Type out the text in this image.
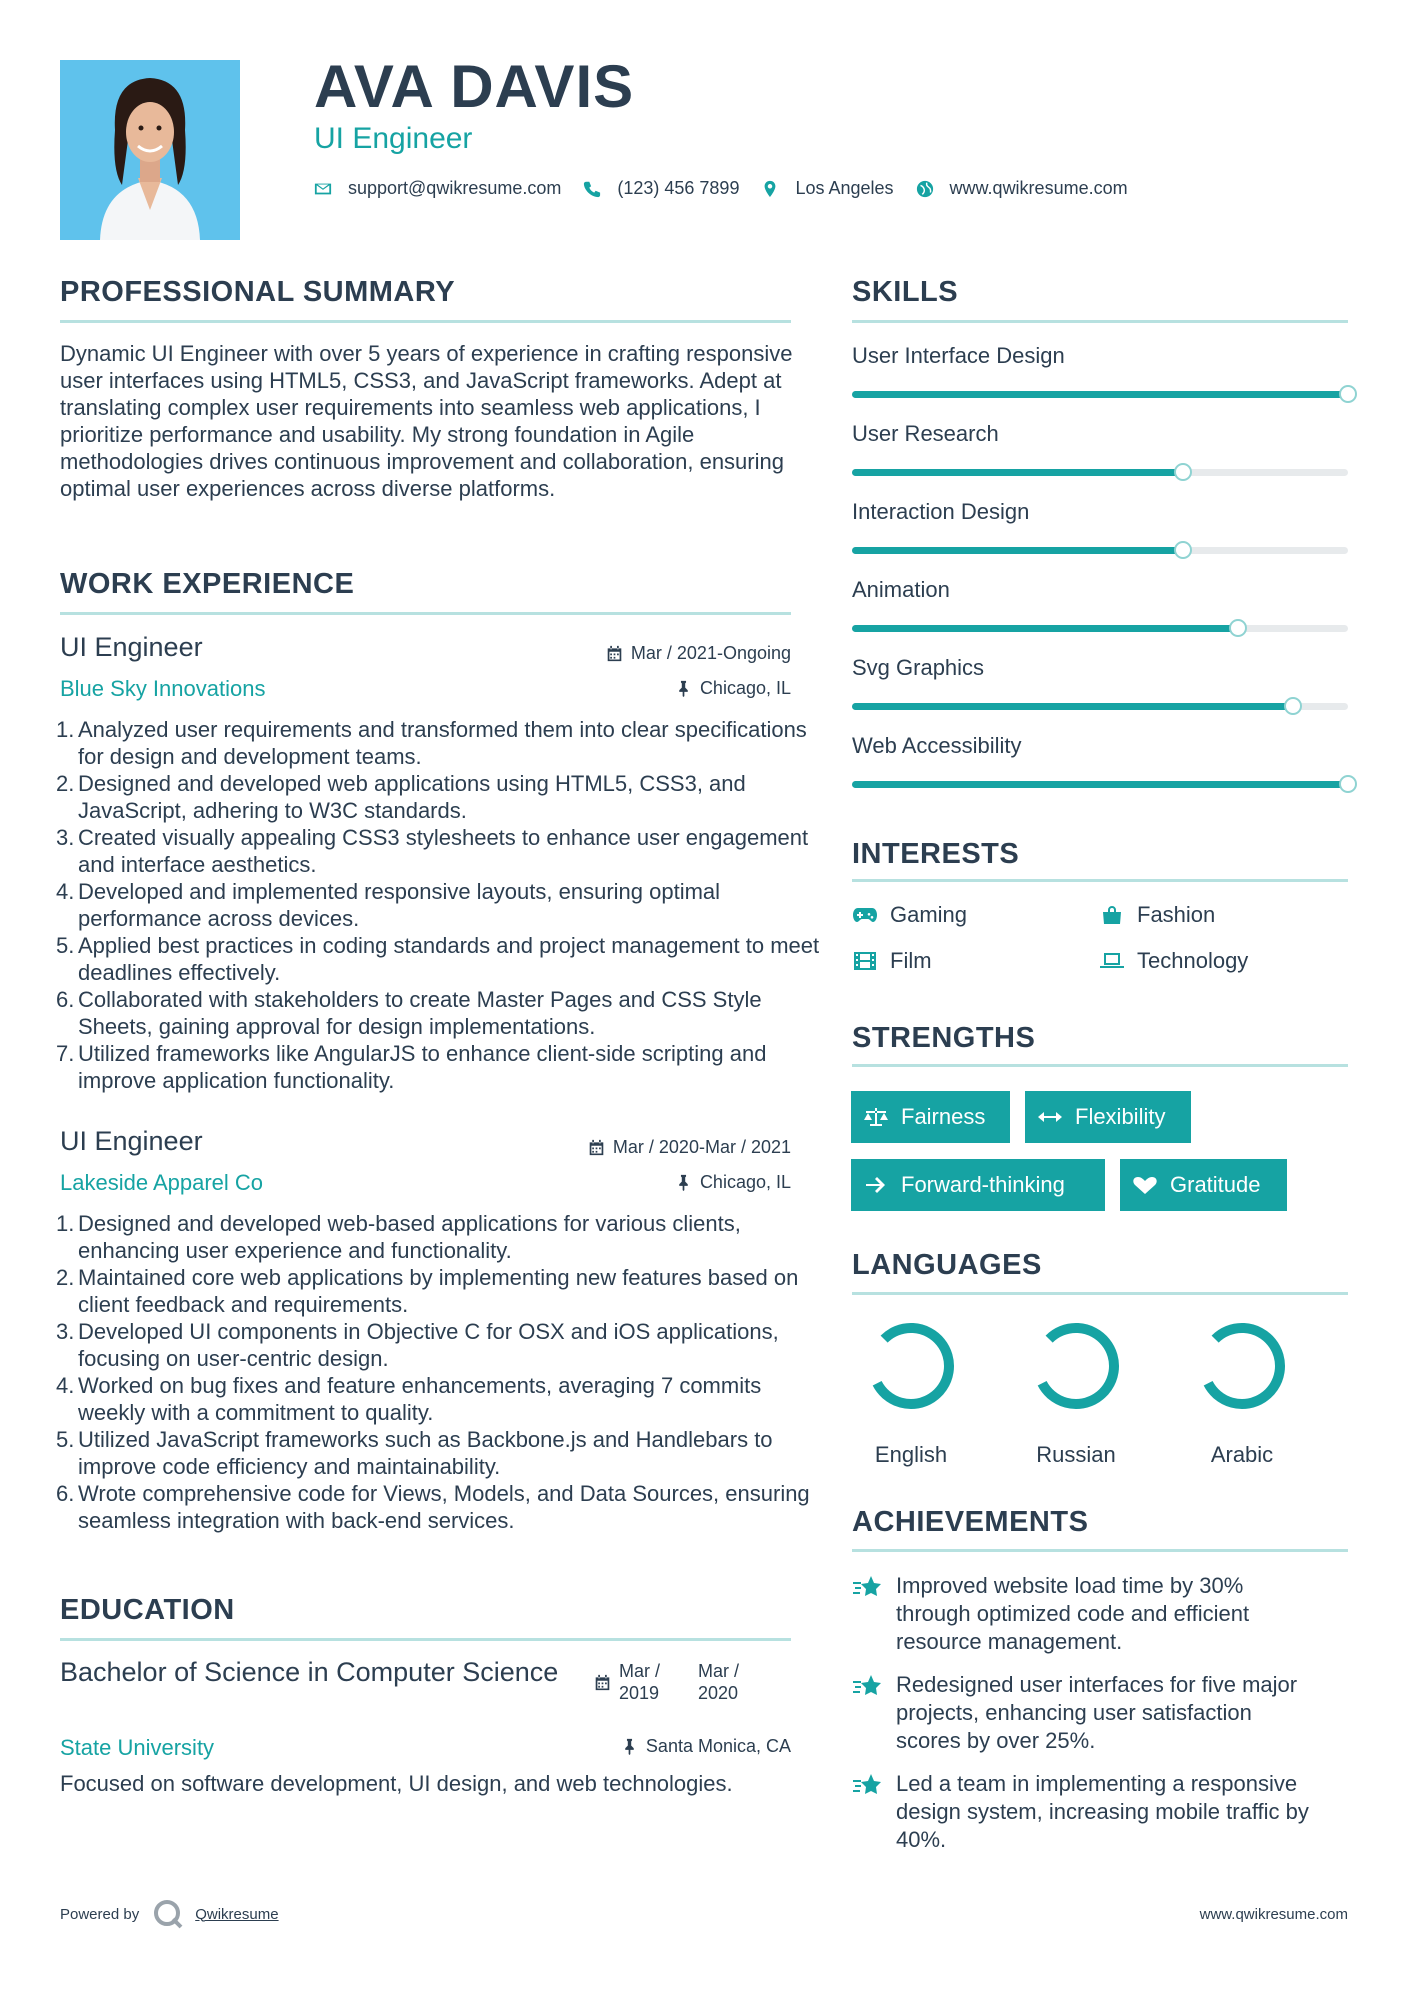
AVA DAVIS
UI Engineer
support@qwikresume.com	(123) 456 7899	Los Angeles	www.qwikresume.com
PROFESSIONAL SUMMARY

Dynamic UI Engineer with over 5 years of experience in crafting responsive user interfaces using HTML5, CSS3, and JavaScript frameworks. Adept at translating complex user requirements into seamless web applications, I prioritize performance and usability. My strong foundation in Agile methodologies drives continuous improvement and collaboration, ensuring optimal user experiences across diverse platforms.

WORK EXPERIENCE
UI Engineer	Mar / 2021-Ongoing
Blue Sky Innovations	Chicago, IL
Analyzed user requirements and transformed them into clear specifications for design and development teams.
Designed and developed web applications using HTML5, CSS3, and JavaScript, adhering to W3C standards.
Created visually appealing CSS3 stylesheets to enhance user engagement and interface aesthetics.
Developed and implemented responsive layouts, ensuring optimal performance across devices.
Applied best practices in coding standards and project management to meet deadlines effectively.
Collaborated with stakeholders to create Master Pages and CSS Style Sheets, gaining approval for design implementations.
Utilized frameworks like AngularJS to enhance client-side scripting and improve application functionality.
UI Engineer	Mar / 2020-Mar / 2021
Lakeside Apparel Co	Chicago, IL
Designed and developed web-based applications for various clients, enhancing user experience and functionality.
Maintained core web applications by implementing new features based on client feedback and requirements.
Developed UI components in Objective C for OSX and iOS applications, focusing on user-centric design.
Worked on bug fixes and feature enhancements, averaging 7 commits weekly with a commitment to quality.
Utilized JavaScript frameworks such as Backbone.js and Handlebars to improve code efficiency and maintainability.
Wrote comprehensive code for Views, Models, and Data Sources, ensuring seamless integration with back-end services.
EDUCATION
Bachelor of Science in Computer Science	Mar /
2019
Mar /
2020
State University	Santa Monica, CA
Focused on software development, UI design, and web technologies.
SKILLS
User Interface Design
User Research
Interaction Design
Animation
Svg Graphics
Web Accessibility
INTERESTS
Gaming	Fashion
Film	Technology
STRENGTHS
Fairness	Flexibility
Forward-thinking	Gratitude
LANGUAGES
English	Russian	Arabic
ACHIEVEMENTS
Improved website load time by 30% through optimized code and efficient resource management.
Redesigned user interfaces for five major projects, enhancing user satisfaction scores by over 25%.
Led a team in implementing a responsive design system, increasing mobile traffic by 40%.
Powered by	Qwikresume	www.qwikresume.com
